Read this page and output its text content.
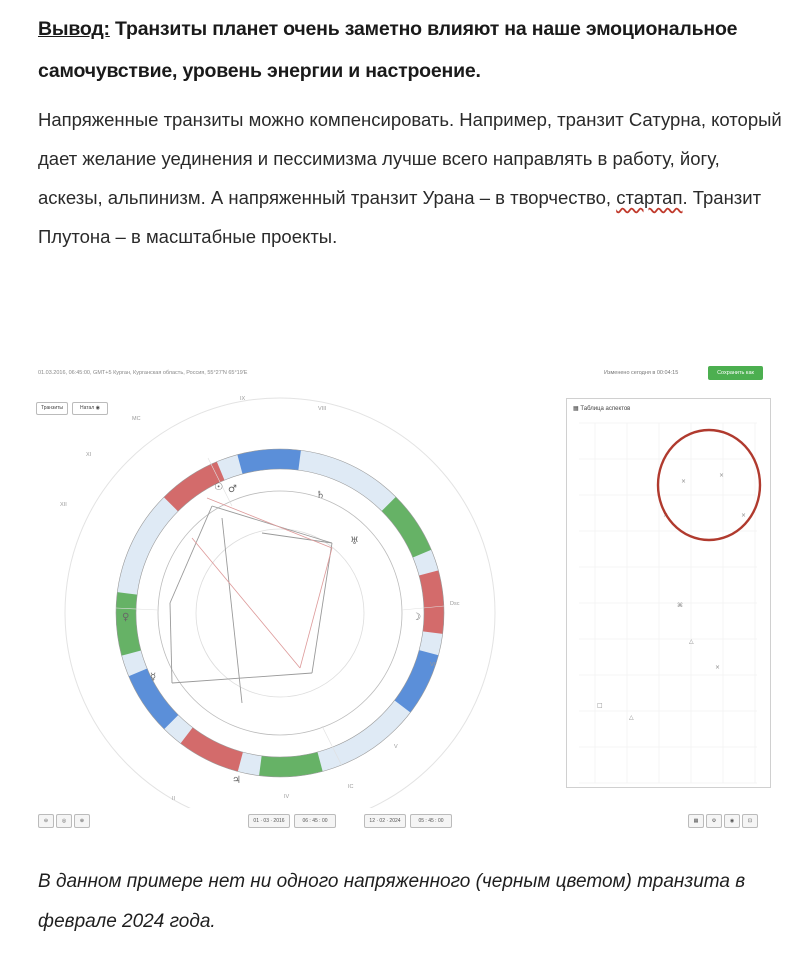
Вывод: Транзиты планет очень заметно влияют на наше эмоциональное самочувствие, уровень энергии и настроение.
Напряженные транзиты можно компенсировать. Например, транзит Сатурна, который дает желание уединения и пессимизма лучше всего направлять в работу, йогу, аскезы, альпинизм. А напряженный транзит Урана – в творчество, стартап. Транзит Плутона – в масштабные проекты.
01.03.2016, 06:45:00, GMT+5 Курган, Курганская область, Россия, 55°27'N 65°19'E	Изменено сегодня в 00:04:15	Сохранить как
Транзиты	Натал ◉
☉ ♂
♄
♀
☿
♃
♅
☽
IX
VIII
MC
XI
XII
Dsc
VI
V
IC
IV
II
▦ Таблица аспектов
×
×
×	×
⌘
△
×
□
△
⊖	◎	⊕	01 · 03 · 2016	06 : 45 : 00	12 · 02 · 2024	05 : 45 : 00	▦	⚙	◉	⊡
В данном примере нет ни одного напряженного (черным цветом) транзита в феврале 2024 года.
